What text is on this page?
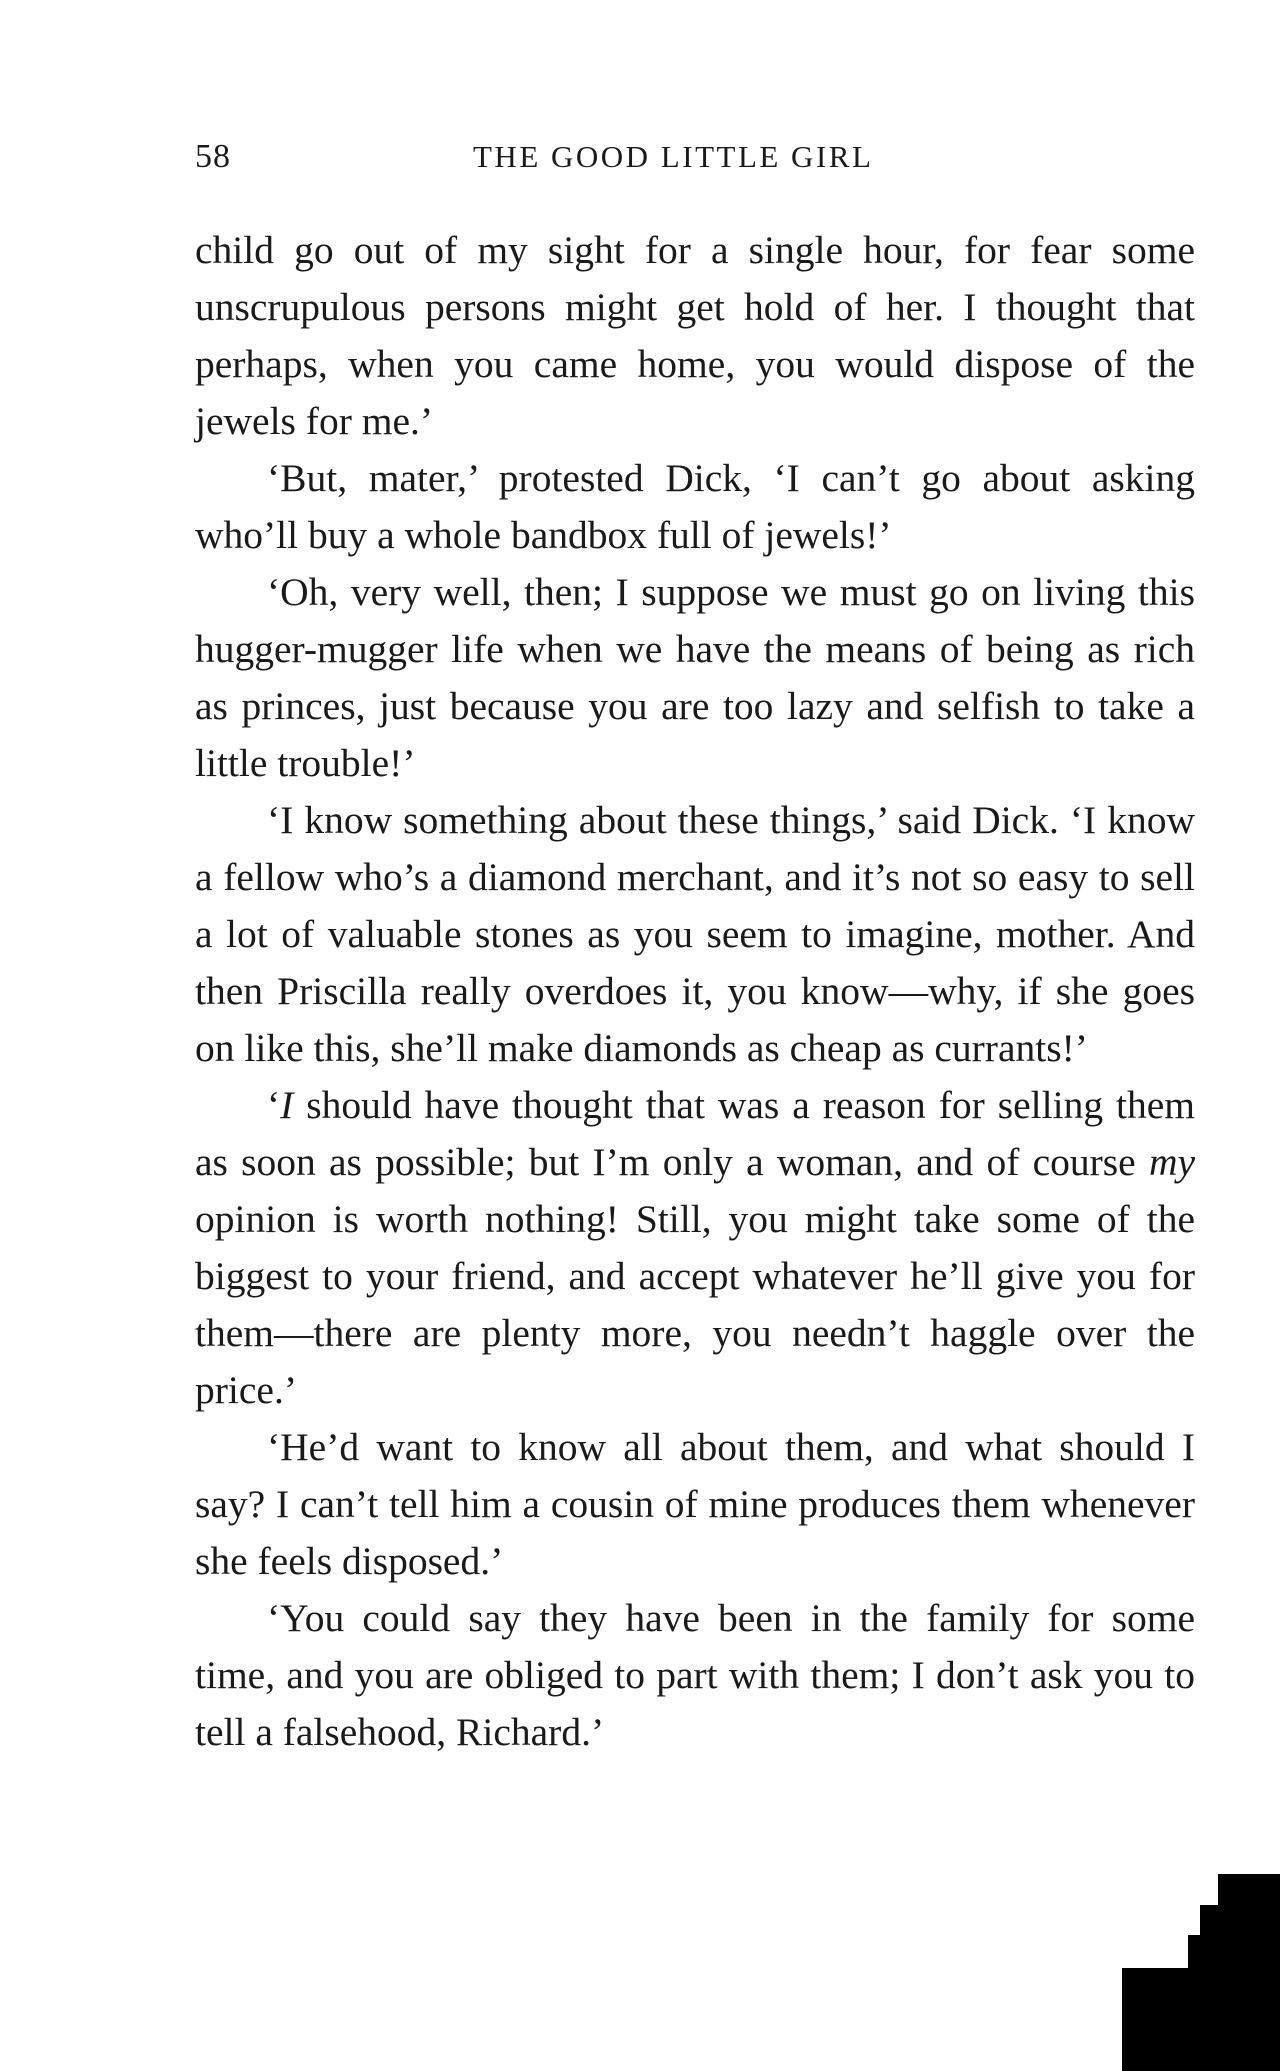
58	THE GOOD LITTLE GIRL

child go out of my sight for a single hour, for fear some unscrupulous persons might get hold of her. I thought that perhaps, when you came home, you would dispose of the jewels for me.’

‘But, mater,’ protested Dick, ‘I can’t go about asking who’ll buy a whole bandbox full of jewels!’

‘Oh, very well, then; I suppose we must go on living this hugger-mugger life when we have the means of being as rich as princes, just because you are too lazy and selfish to take a little trouble!’

‘I know something about these things,’ said Dick. ‘I know a fellow who’s a diamond merchant, and it’s not so easy to sell a lot of valuable stones as you seem to imagine, mother. And then Priscilla really overdoes it, you know—why, if she goes on like this, she’ll make diamonds as cheap as currants!’

‘I should have thought that was a reason for selling them as soon as possible; but I’m only a woman, and of course my opinion is worth nothing! Still, you might take some of the biggest to your friend, and accept whatever he’ll give you for them—there are plenty more, you needn’t haggle over the price.’

‘He’d want to know all about them, and what should I say? I can’t tell him a cousin of mine produces them whenever she feels disposed.’

‘You could say they have been in the family for some time, and you are obliged to part with them; I don’t ask you to tell a falsehood, Richard.’
